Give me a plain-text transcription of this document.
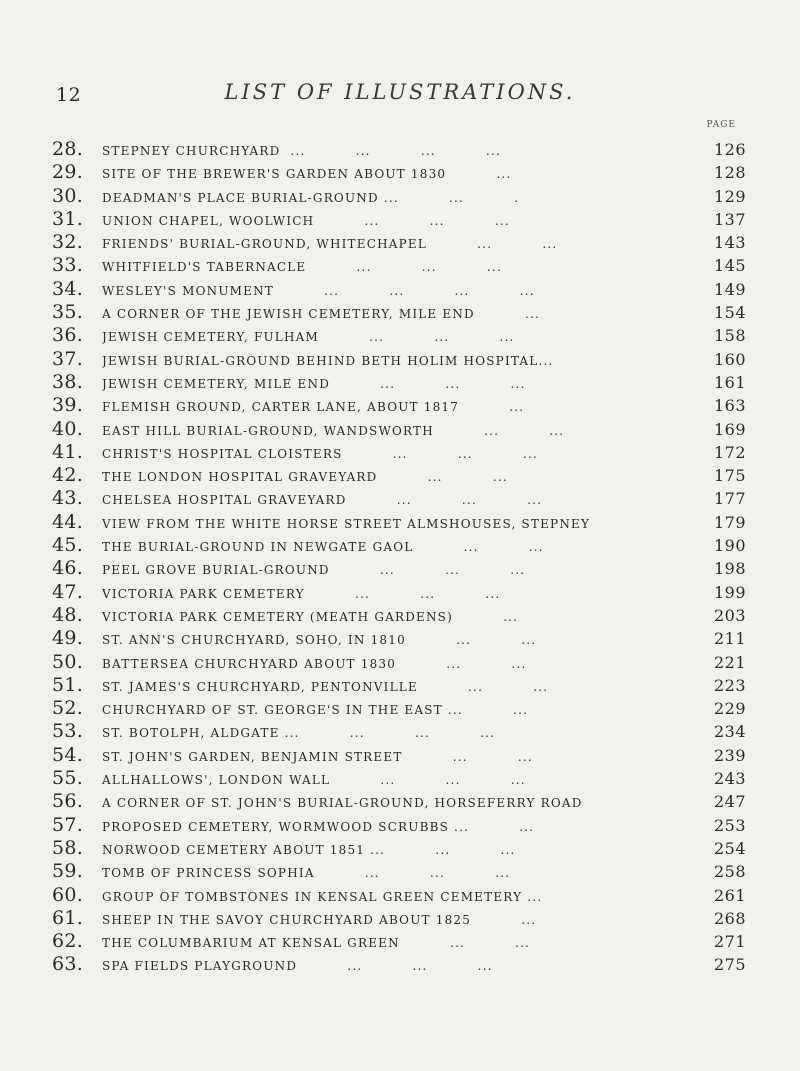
12	LIST OF ILLUSTRATIONS.
PAGE
28.	STEPNEY CHURCHYARD  ...          ...          ...          ...	126
29.	SITE OF THE BREWER'S GARDEN ABOUT 1830          ...	128
30.	DEADMAN'S PLACE BURIAL-GROUND ...          ...          .	129
31.	UNION CHAPEL, WOOLWICH          ...          ...          ...	137
32.	FRIENDS' BURIAL-GROUND, WHITECHAPEL          ...          ...	143
33.	WHITFIELD'S TABERNACLE          ...          ...          ...	145
34.	WESLEY'S MONUMENT          ...          ...          ...          ...	149
35.	A CORNER OF THE JEWISH CEMETERY, MILE END          ...	154
36.	JEWISH CEMETERY, FULHAM          ...          ...          ...	158
37.	JEWISH BURIAL-GROUND BEHIND BETH HOLIM HOSPITAL...	160
38.	JEWISH CEMETERY, MILE END          ...          ...          ...	161
39.	FLEMISH GROUND, CARTER LANE, ABOUT 1817          ...	163
40.	EAST HILL BURIAL-GROUND, WANDSWORTH          ...          ...	169
41.	CHRIST'S HOSPITAL CLOISTERS          ...          ...          ...	172
42.	THE LONDON HOSPITAL GRAVEYARD          ...          ...	175
43.	CHELSEA HOSPITAL GRAVEYARD          ...          ...          ...	177
44.	VIEW FROM THE WHITE HORSE STREET ALMSHOUSES, STEPNEY	179
45.	THE BURIAL-GROUND IN NEWGATE GAOL          ...          ...	190
46.	PEEL GROVE BURIAL-GROUND          ...          ...          ...	198
47.	VICTORIA PARK CEMETERY          ...          ...          ...	199
48.	VICTORIA PARK CEMETERY (MEATH GARDENS)          ...	203
49.	ST. ANN'S CHURCHYARD, SOHO, IN 1810          ...          ...	211
50.	BATTERSEA CHURCHYARD ABOUT 1830          ...          ...	221
51.	ST. JAMES'S CHURCHYARD, PENTONVILLE          ...          ...	223
52.	CHURCHYARD OF ST. GEORGE'S IN THE EAST ...          ...	229
53.	ST. BOTOLPH, ALDGATE ...          ...          ...          ...	234
54.	ST. JOHN'S GARDEN, BENJAMIN STREET          ...          ...	239
55.	ALLHALLOWS', LONDON WALL          ...          ...          ...	243
56.	A CORNER OF ST. JOHN'S BURIAL-GROUND, HORSEFERRY ROAD	247
57.	PROPOSED CEMETERY, WORMWOOD SCRUBBS ...          ...	253
58.	NORWOOD CEMETERY ABOUT 1851 ...          ...          ...	254
59.	TOMB OF PRINCESS SOPHIA          ...          ...          ...	258
60.	GROUP OF TOMBSTONES IN KENSAL GREEN CEMETERY ...	261
61.	SHEEP IN THE SAVOY CHURCHYARD ABOUT 1825          ...	268
62.	THE COLUMBARIUM AT KENSAL GREEN          ...          ...	271
63.	SPA FIELDS PLAYGROUND          ...          ...          ...	275
